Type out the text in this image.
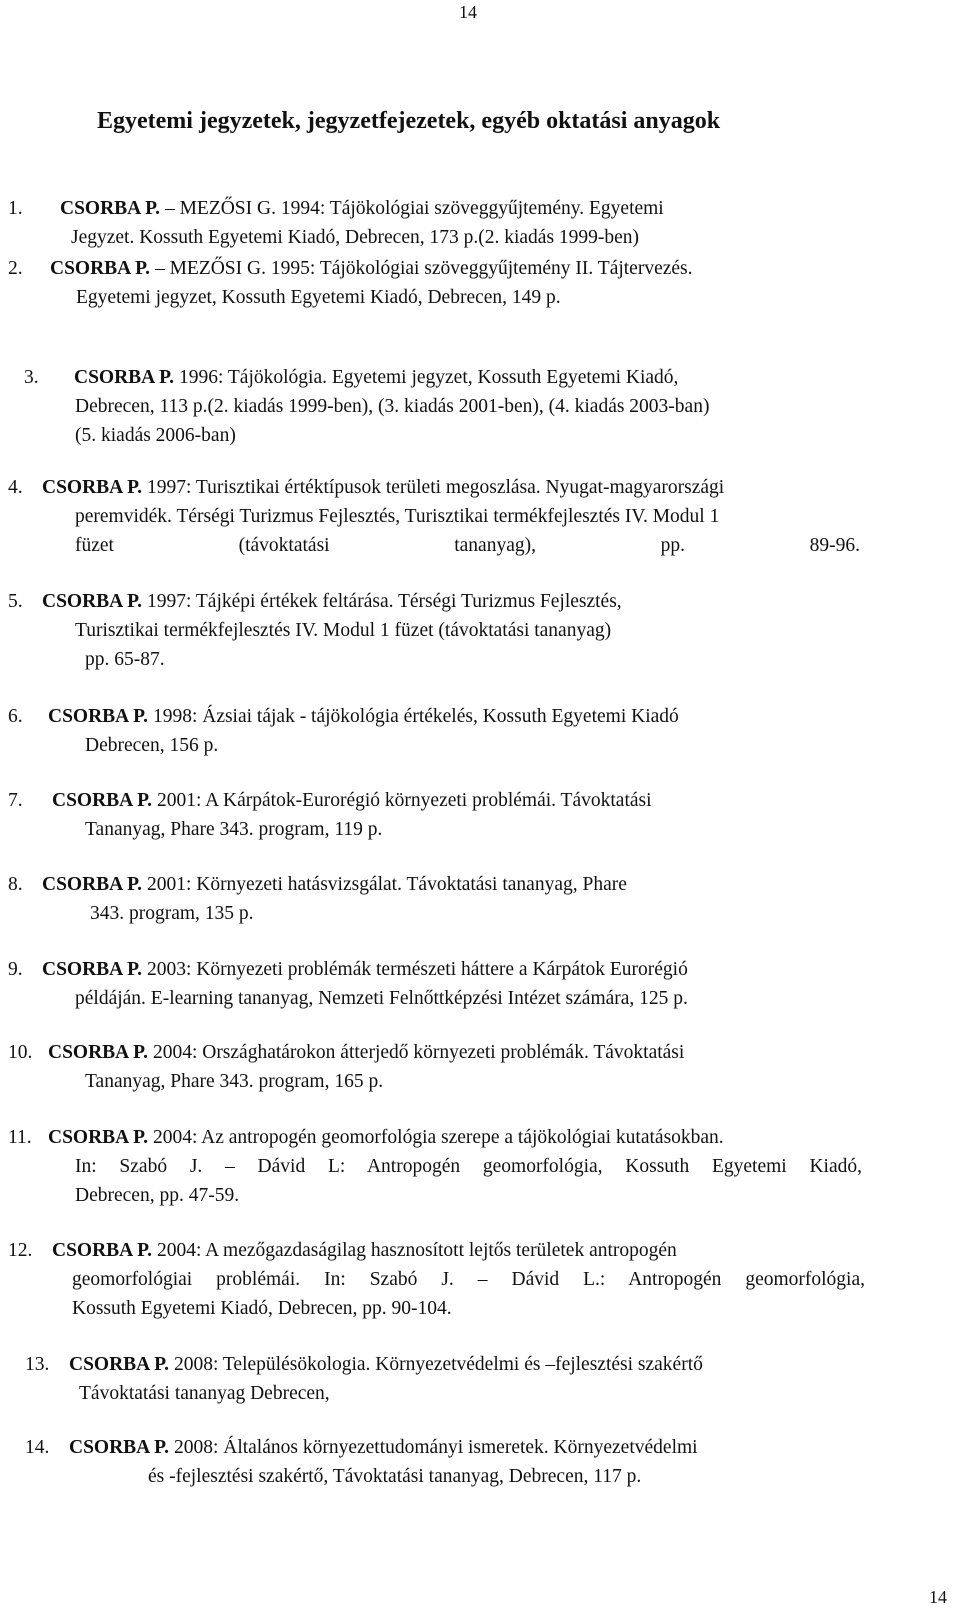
14
Egyetemi jegyzetek, jegyzetfejezetek, egyéb oktatási anyagok
1. CSORBA P. – MEZŐSI G. 1994: Tájökológiai szöveggyűjtemény. Egyetemi
Jegyzet. Kossuth Egyetemi Kiadó, Debrecen, 173 p.(2. kiadás 1999-ben)
2. CSORBA P. – MEZŐSI G. 1995: Tájökológiai szöveggyűjtemény II. Tájtervezés.
Egyetemi jegyzet, Kossuth Egyetemi Kiadó, Debrecen, 149 p.
3. CSORBA P. 1996: Tájökológia. Egyetemi jegyzet, Kossuth Egyetemi Kiadó,
Debrecen, 113 p.(2. kiadás 1999-ben), (3. kiadás 2001-ben), (4. kiadás 2003-ban)
(5. kiadás 2006-ban)
4. CSORBA P. 1997: Turisztikai értéktípusok területi megoszlása. Nyugat-magyarországi
peremvidék. Térségi Turizmus Fejlesztés, Turisztikai termékfejlesztés IV. Modul 1
füzet (távoktatási tananyag), pp. 89-96.
5. CSORBA P. 1997: Tájképi értékek feltárása. Térségi Turizmus Fejlesztés,
Turisztikai termékfejlesztés IV. Modul 1 füzet (távoktatási tananyag)
pp. 65-87.
6. CSORBA P. 1998: Ázsiai tájak - tájökológia értékelés, Kossuth Egyetemi Kiadó
Debrecen, 156 p.
7. CSORBA P. 2001: A Kárpátok-Eurorégió környezeti problémái. Távoktatási
Tananyag, Phare 343. program, 119 p.
8. CSORBA P. 2001: Környezeti hatásvizsgálat. Távoktatási tananyag, Phare
343. program, 135 p.
9. CSORBA P. 2003: Környezeti problémák természeti háttere a Kárpátok Eurorégió
példáján. E-learning tananyag, Nemzeti Felnőttképzési Intézet számára, 125 p.
10. CSORBA P. 2004: Országhatárokon átterjedő környezeti problémák. Távoktatási
Tananyag, Phare 343. program, 165 p.
11. CSORBA P. 2004: Az antropogén geomorfológia szerepe a tájökológiai kutatásokban.
In: Szabó J. – Dávid L: Antropogén geomorfológia, Kossuth Egyetemi Kiadó,
Debrecen, pp. 47-59.
12. CSORBA P. 2004: A mezőgazdaságilag hasznosított lejtős területek antropogén
geomorfológiai problémái. In: Szabó J. – Dávid L.: Antropogén geomorfológia,
Kossuth Egyetemi Kiadó, Debrecen, pp. 90-104.
13. CSORBA P. 2008: Településökologia. Környezetvédelmi és –fejlesztési szakértő
Távoktatási tananyag Debrecen,
14. CSORBA P. 2008: Általános környezettudományi ismeretek. Környezetvédelmi
és -fejlesztési szakértő, Távoktatási tananyag, Debrecen, 117 p.
14
